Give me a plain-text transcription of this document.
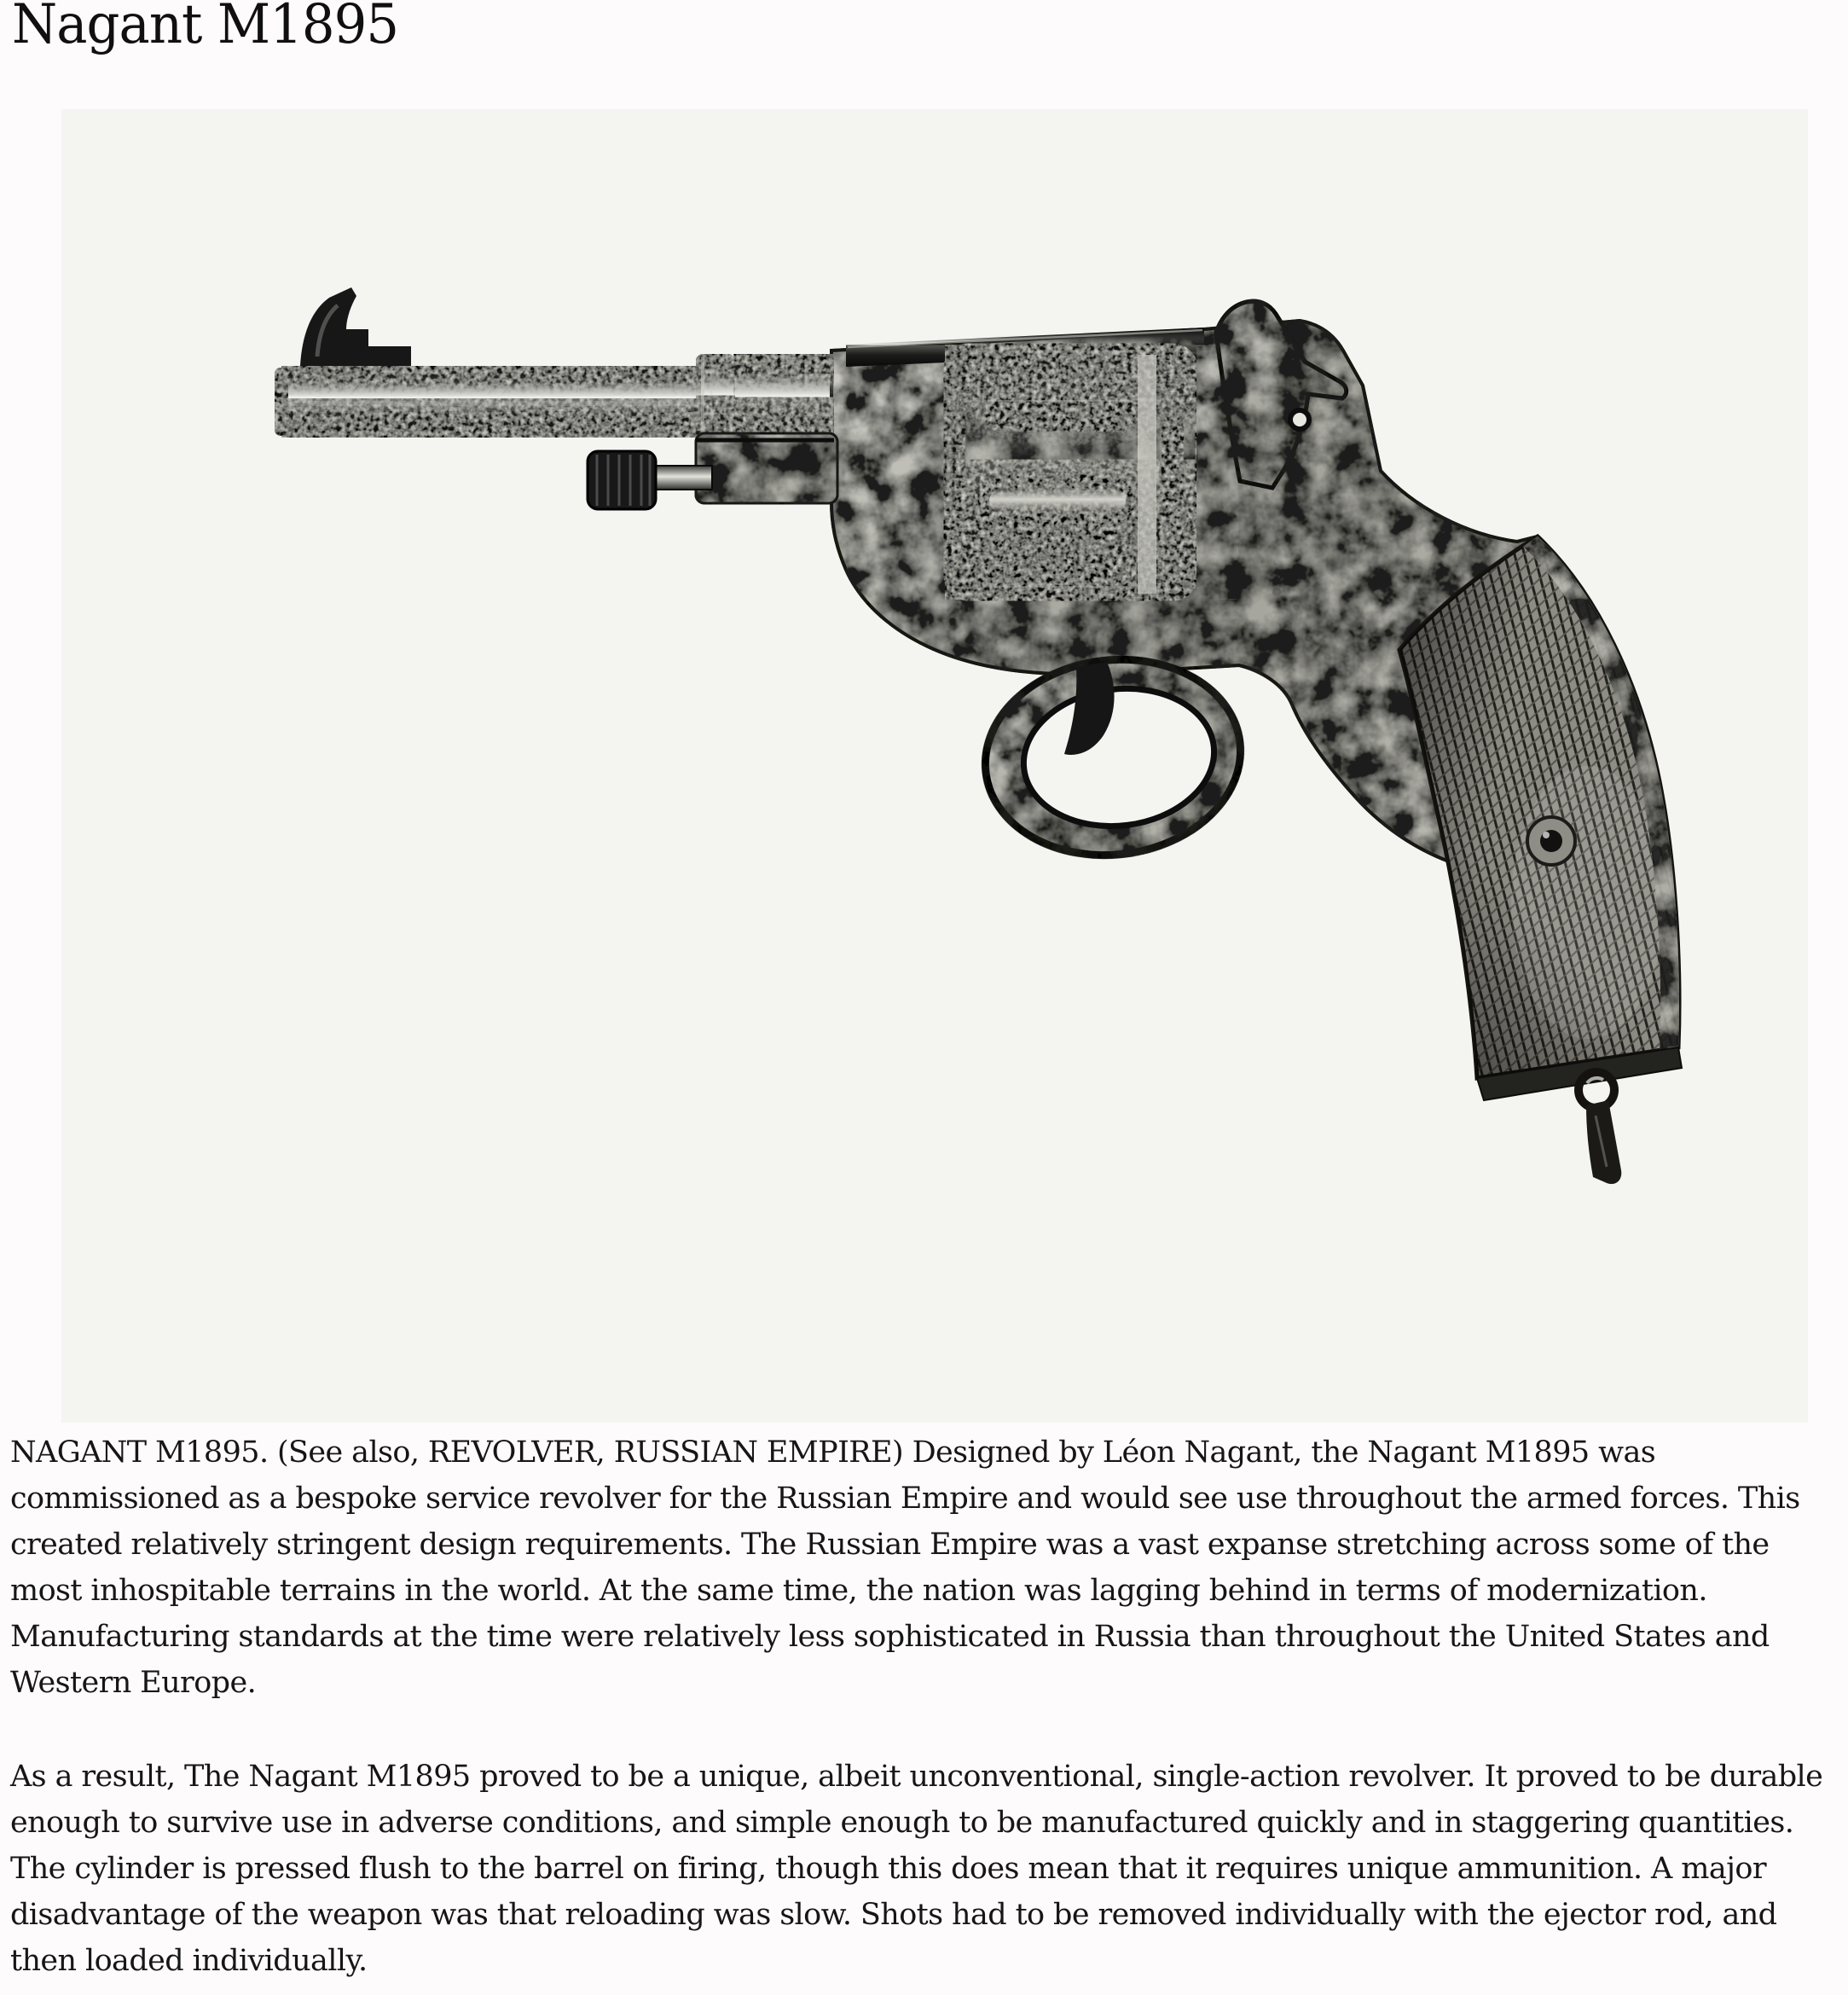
Nagant M1895

NAGANT M1895. (See also, REVOLVER, RUSSIAN EMPIRE) Designed by Léon Nagant, the Nagant M1895 was commissioned as a bespoke service revolver for the Russian Empire and would see use throughout the armed forces. This created relatively stringent design requirements. The Russian Empire was a vast expanse stretching across some of the most inhospitable terrains in the world. At the same time, the nation was lagging behind in terms of modernization. Manufacturing standards at the time were relatively less sophisticated in Russia than throughout the United States and Western Europe.

As a result, The Nagant M1895 proved to be a unique, albeit unconventional, single-action revolver. It proved to be durable enough to survive use in adverse conditions, and simple enough to be manufactured quickly and in staggering quantities. The cylinder is pressed flush to the barrel on firing, though this does mean that it requires unique ammunition. A major disadvantage of the weapon was that reloading was slow. Shots had to be removed individually with the ejector rod, and then loaded individually.
